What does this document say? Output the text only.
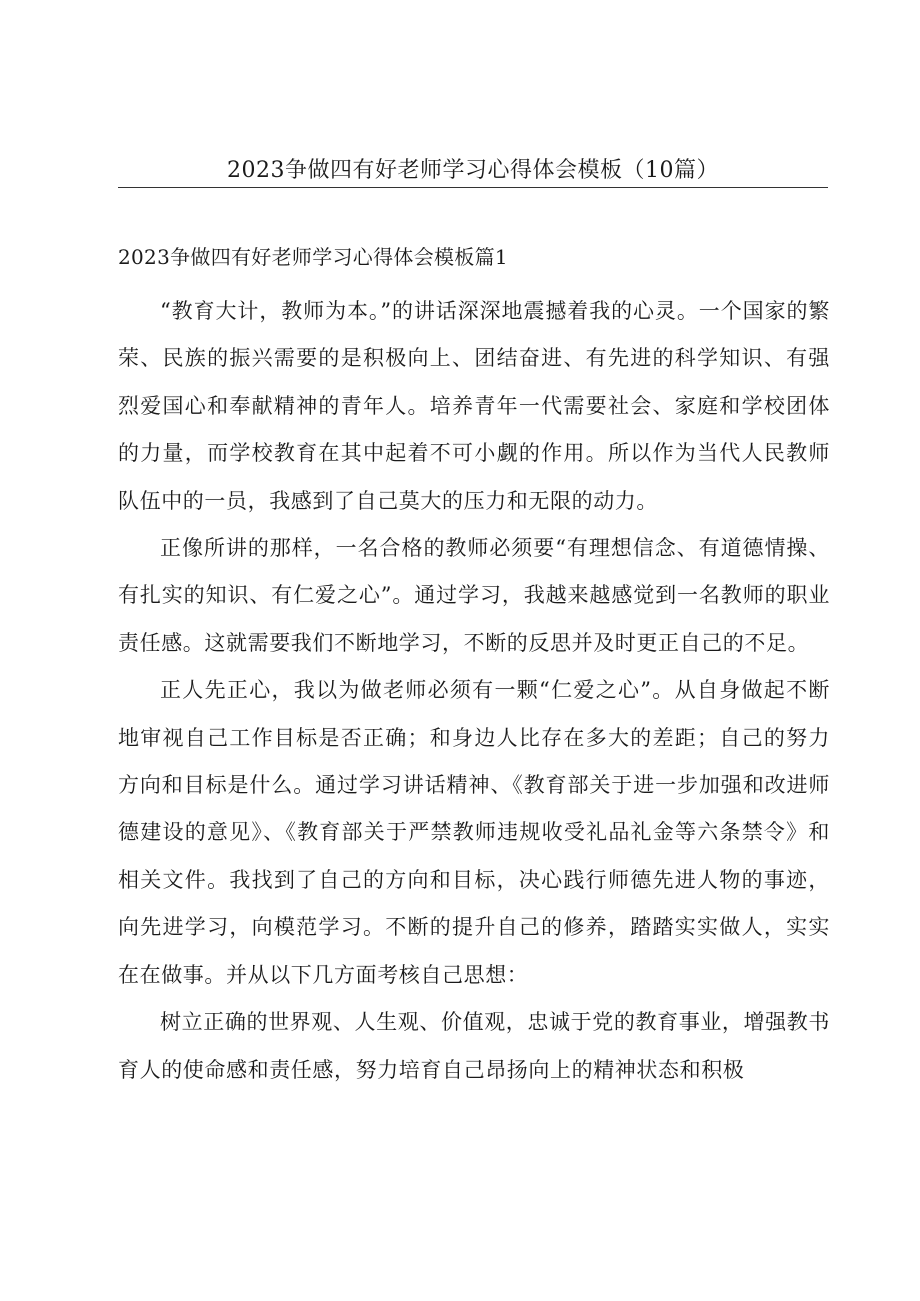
2023争做四有好老师学习心得体会模板（10篇）
2023争做四有好老师学习心得体会模板篇1

“教育大计，教师为本。”的讲话深深地震撼着我的心灵。一个国家的繁荣、民族的振兴需要的是积极向上、团结奋进、有先进的科学知识、有强烈爱国心和奉献精神的青年人。培养青年一代需要社会、家庭和学校团体的力量，而学校教育在其中起着不可小觑的作用。所以作为当代人民教师队伍中的一员，我感到了自己莫大的压力和无限的动力。

正像所讲的那样，一名合格的教师必须要“有理想信念、有道德情操、有扎实的知识、有仁爱之心”。通过学习，我越来越感觉到一名教师的职业责任感。这就需要我们不断地学习，不断的反思并及时更正自己的不足。

正人先正心，我以为做老师必须有一颗“仁爱之心”。从自身做起不断地审视自己工作目标是否正确；和身边人比存在多大的差距；自己的努力方向和目标是什么。通过学习讲话精神、《教育部关于进一步加强和改进师德建设的意见》、《教育部关于严禁教师违规收受礼品礼金等六条禁令》和相关文件。我找到了自己的方向和目标，决心践行师德先进人物的事迹，向先进学习，向模范学习。不断的提升自己的修养，踏踏实实做人，实实在在做事。并从以下几方面考核自己思想：

树立正确的世界观、人生观、价值观，忠诚于党的教育事业，增强教书育人的使命感和责任感，努力培育自己昂扬向上的精神状态和积极
